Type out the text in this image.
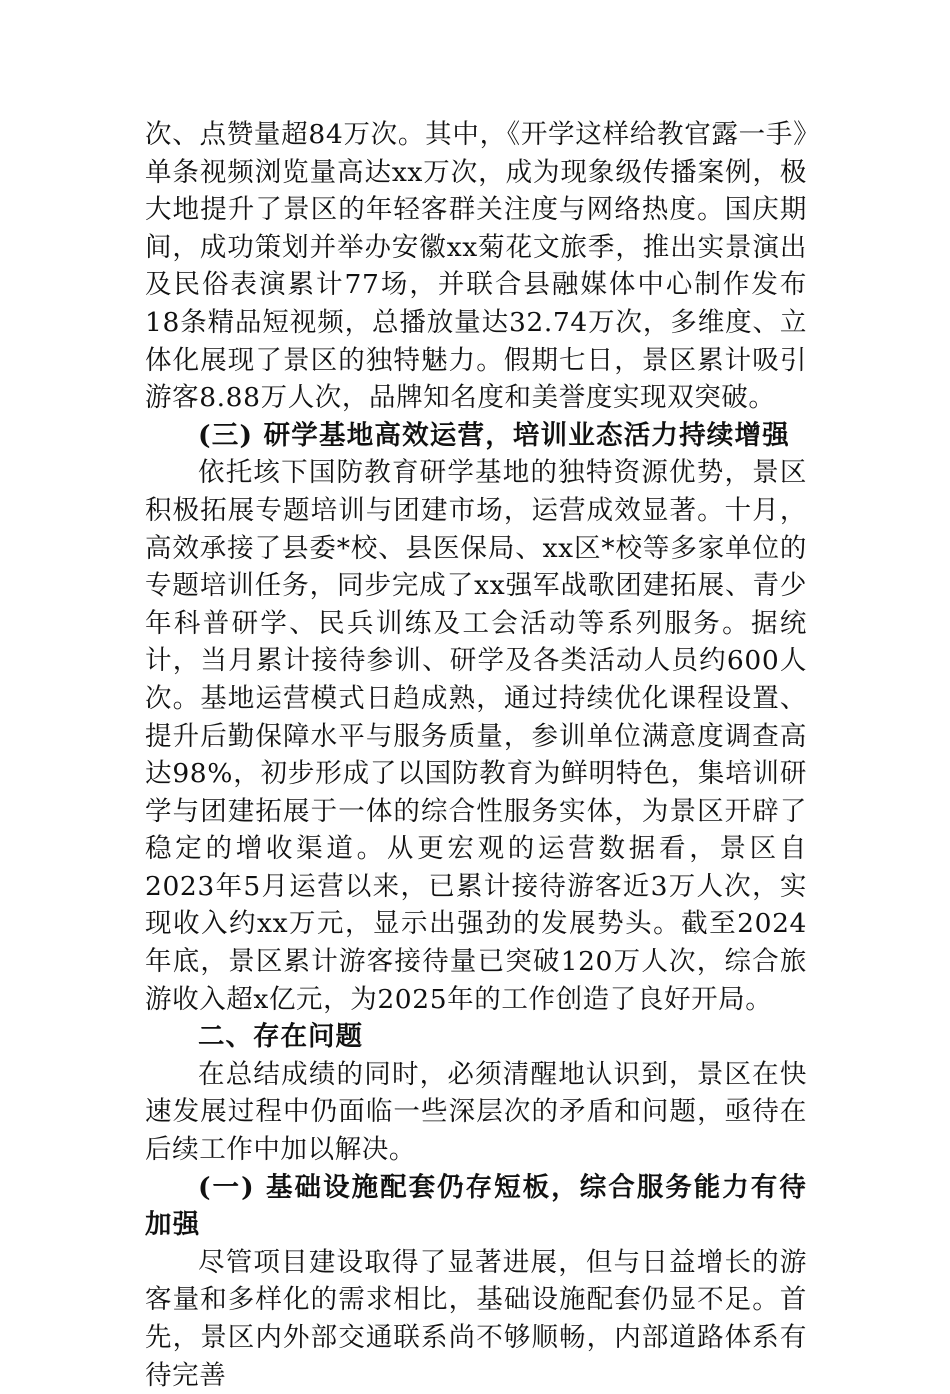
次、点赞量超84万次。其中，《开学这样给教官露一手》单条视频浏览量高达xx万次，成为现象级传播案例，极大地提升了景区的年轻客群关注度与网络热度。国庆期间，成功策划并举办安徽xx菊花文旅季，推出实景演出及民俗表演累计77场，并联合县融媒体中心制作发布18条精品短视频，总播放量达32.74万次，多维度、立体化展现了景区的独特魅力。假期七日，景区累计吸引游客8.88万人次，品牌知名度和美誉度实现双突破。

(三) 研学基地高效运营，培训业态活力持续增强

依托垓下国防教育研学基地的独特资源优势，景区积极拓展专题培训与团建市场，运营成效显著。十月，高效承接了县委*校、县医保局、xx区*校等多家单位的专题培训任务，同步完成了xx强军战歌团建拓展、青少年科普研学、民兵训练及工会活动等系列服务。据统计，当月累计接待参训、研学及各类活动人员约600人次。基地运营模式日趋成熟，通过持续优化课程设置、提升后勤保障水平与服务质量，参训单位满意度调查高达98%，初步形成了以国防教育为鲜明特色，集培训研学与团建拓展于一体的综合性服务实体，为景区开辟了稳定的增收渠道。从更宏观的运营数据看，景区自2023年5月运营以来，已累计接待游客近3万人次，实现收入约xx万元，显示出强劲的发展势头。截至2024年底，景区累计游客接待量已突破120万人次，综合旅游收入超x亿元，为2025年的工作创造了良好开局。

二、存在问题

在总结成绩的同时，必须清醒地认识到，景区在快速发展过程中仍面临一些深层次的矛盾和问题，亟待在后续工作中加以解决。

(一) 基础设施配套仍存短板，综合服务能力有待加强

尽管项目建设取得了显著进展，但与日益增长的游客量和多样化的需求相比，基础设施配套仍显不足。首先，景区内外部交通联系尚不够顺畅，内部道路体系有待完善
